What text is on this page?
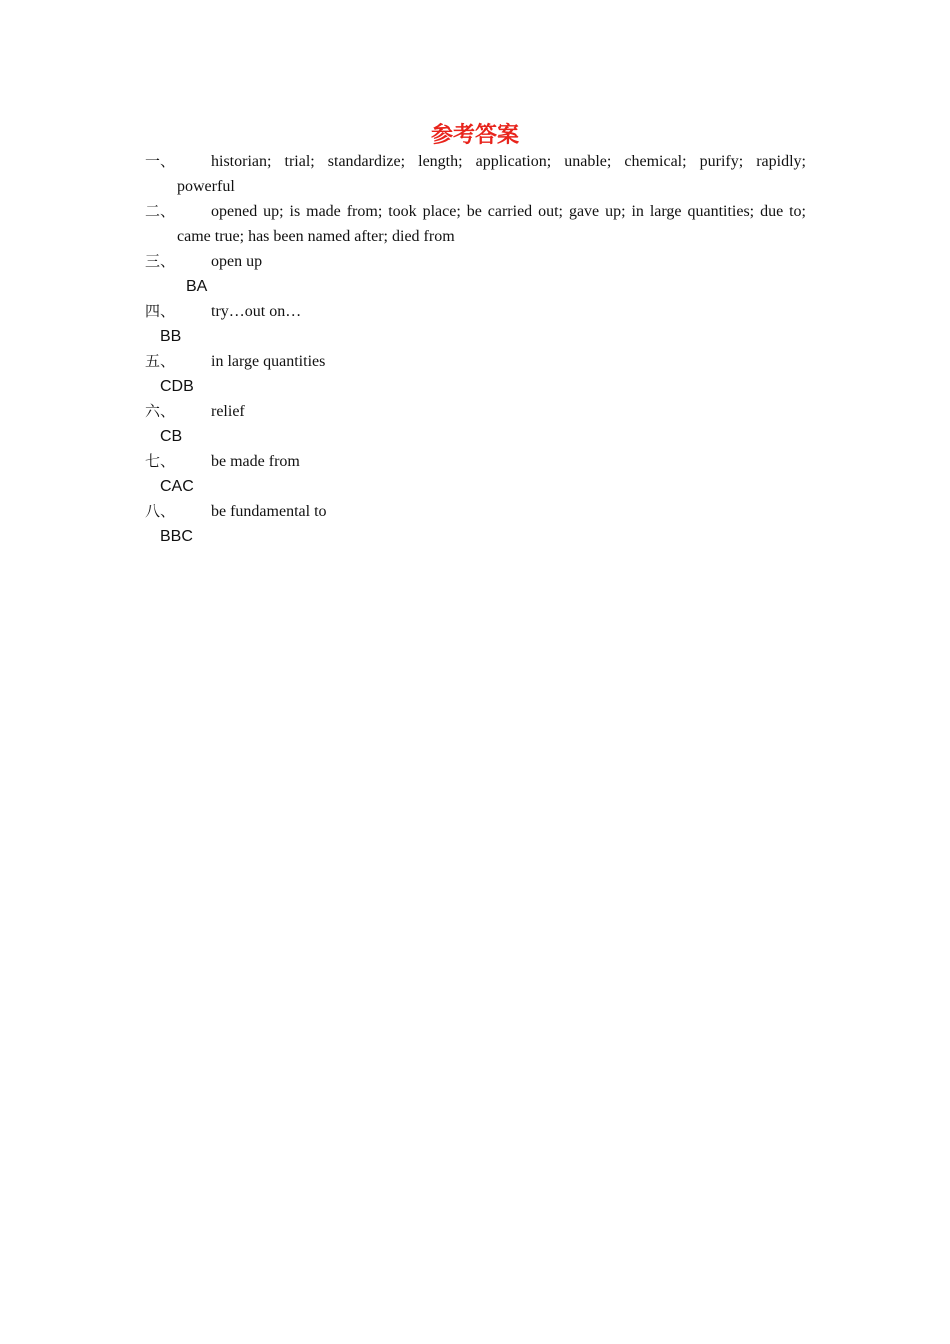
参考答案
一、	historian; trial; standardize; length; application; unable; chemical; purify; rapidly;
powerful
二、	opened up; is made from; took place; be carried out; gave up; in large quantities; due to;
came true; has been named after; died from
三、	open up
BA
四、	try…out on…
BB
五、	in large quantities
CDB
六、	relief
CB
七、	be made from
CAC
八、	be fundamental to
BBC
